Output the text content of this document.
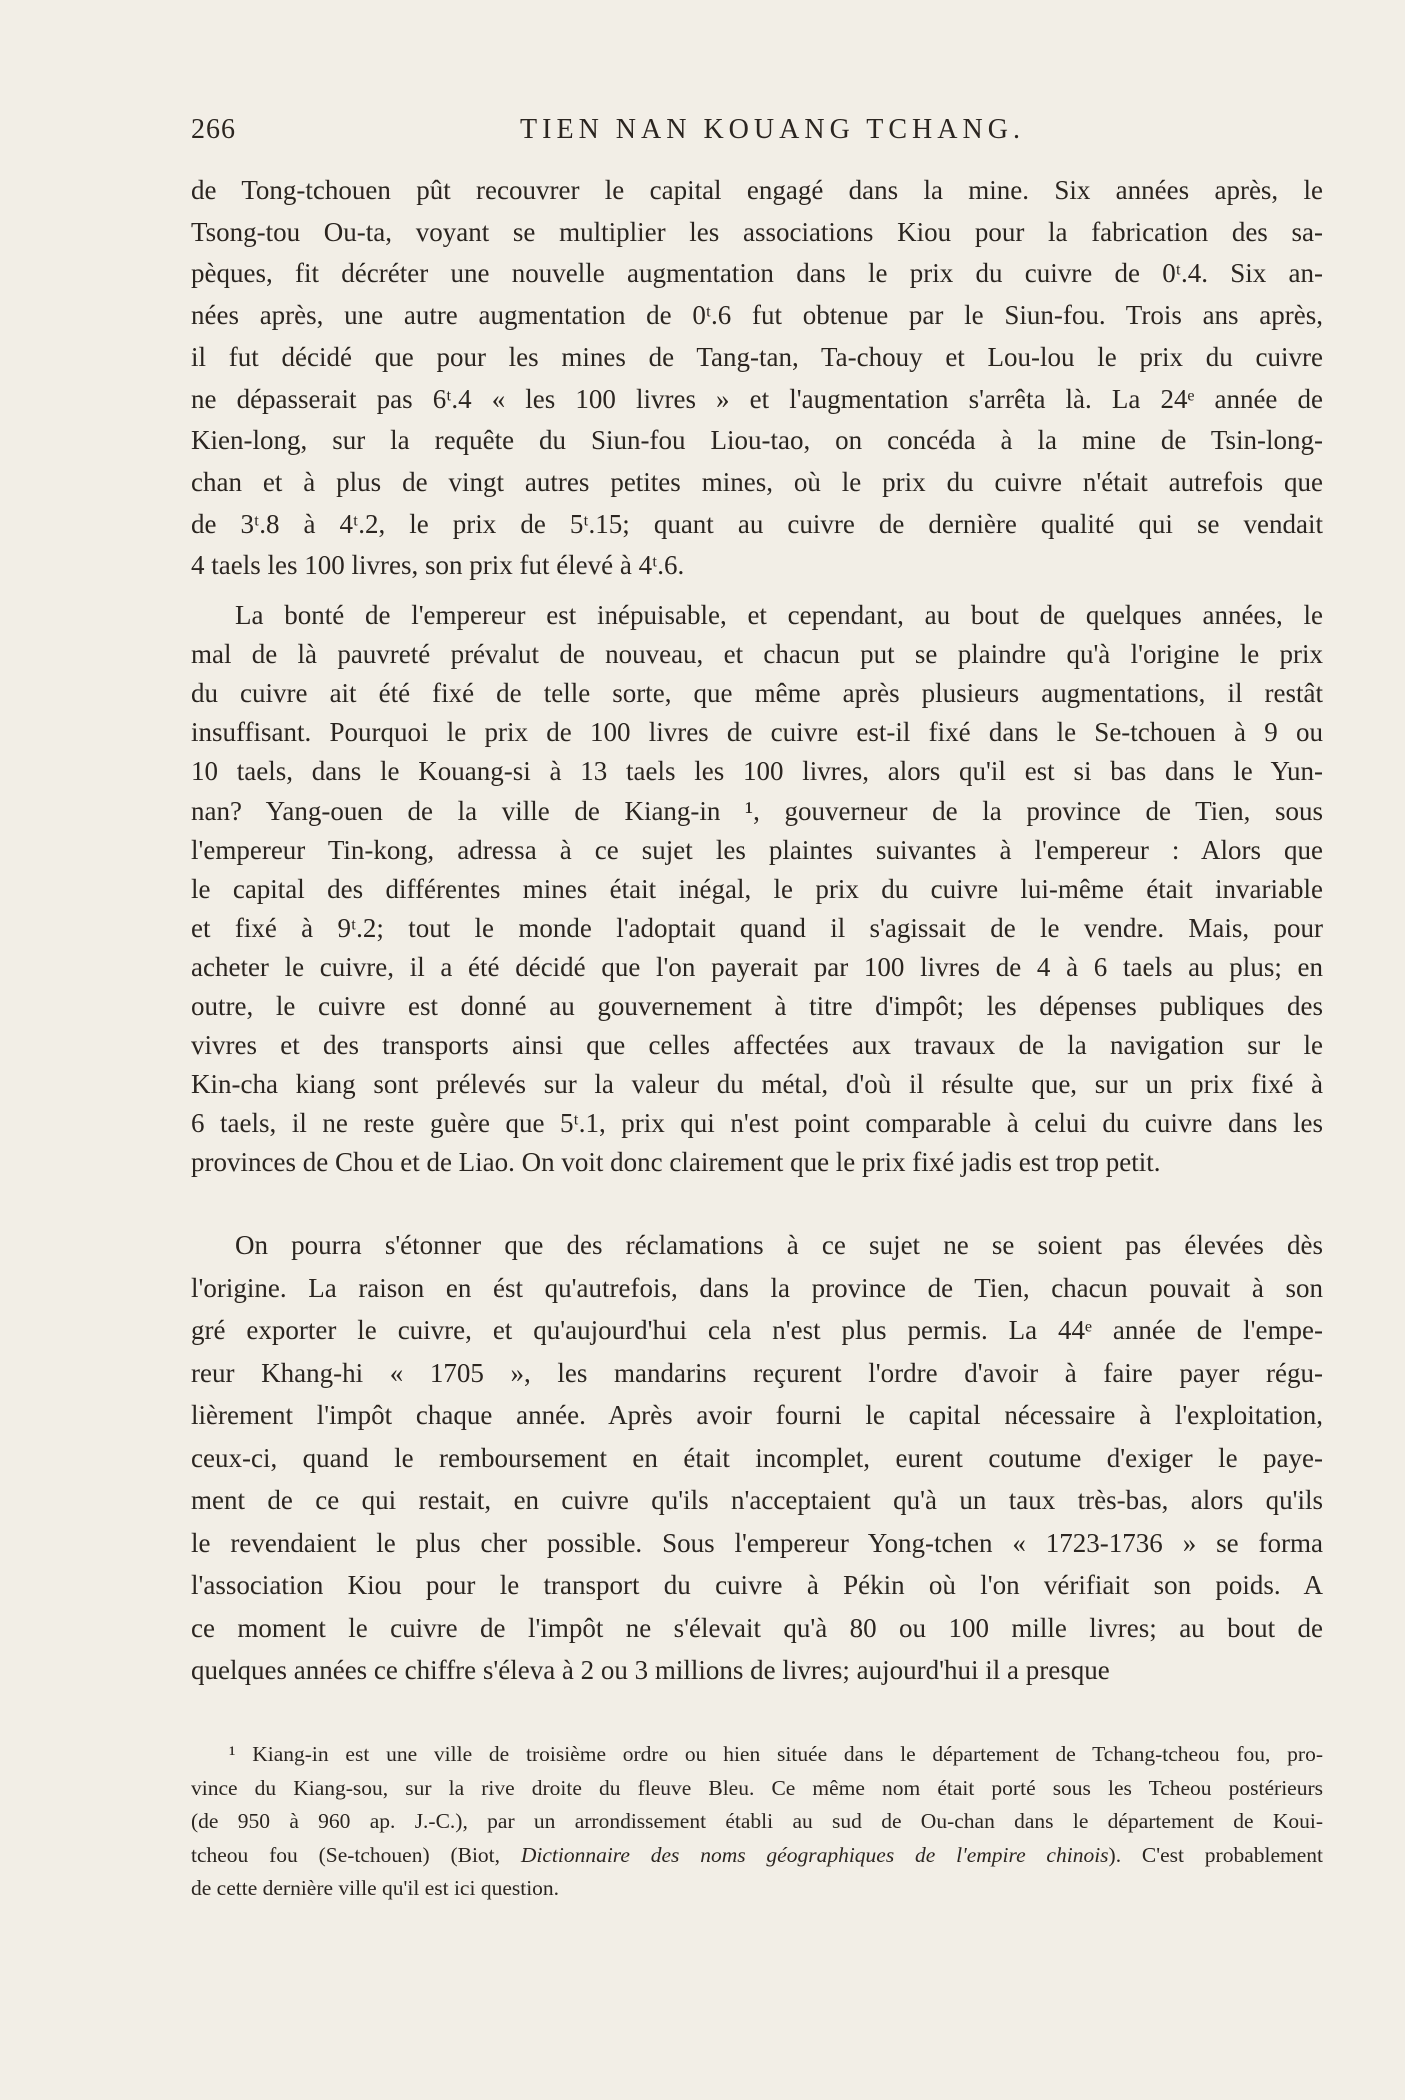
266	TIEN NAN KOUANG TCHANG.
de Tong-tchouen pût recouvrer le capital engagé dans la mine. Six années après, le
Tsong-tou Ou-ta, voyant se multiplier les associations Kiou pour la fabrication des sa-
pèques, fit décréter une nouvelle augmentation dans le prix du cuivre de 0ᵗ.4. Six an-
nées après, une autre augmentation de 0ᵗ.6 fut obtenue par le Siun-fou. Trois ans après,
il fut décidé que pour les mines de Tang-tan, Ta-chouy et Lou-lou le prix du cuivre
ne dépasserait pas 6ᵗ.4 « les 100 livres » et l'augmentation s'arrêta là. La 24ᵉ année de
Kien-long, sur la requête du Siun-fou Liou-tao, on concéda à la mine de Tsin-long-
chan et à plus de vingt autres petites mines, où le prix du cuivre n'était autrefois que
de 3ᵗ.8 à 4ᵗ.2, le prix de 5ᵗ.15; quant au cuivre de dernière qualité qui se vendait
4 taels les 100 livres, son prix fut élevé à 4ᵗ.6.
La bonté de l'empereur est inépuisable, et cependant, au bout de quelques années, le
mal de là pauvreté prévalut de nouveau, et chacun put se plaindre qu'à l'origine le prix
du cuivre ait été fixé de telle sorte, que même après plusieurs augmentations, il restât
insuffisant. Pourquoi le prix de 100 livres de cuivre est-il fixé dans le Se-tchouen à 9 ou
10 taels, dans le Kouang-si à 13 taels les 100 livres, alors qu'il est si bas dans le Yun-
nan? Yang-ouen de la ville de Kiang-in ¹, gouverneur de la province de Tien, sous
l'empereur Tin-kong, adressa à ce sujet les plaintes suivantes à l'empereur : Alors que
le capital des différentes mines était inégal, le prix du cuivre lui-même était invariable
et fixé à 9ᵗ.2; tout le monde l'adoptait quand il s'agissait de le vendre. Mais, pour
acheter le cuivre, il a été décidé que l'on payerait par 100 livres de 4 à 6 taels au plus; en
outre, le cuivre est donné au gouvernement à titre d'impôt; les dépenses publiques des
vivres et des transports ainsi que celles affectées aux travaux de la navigation sur le
Kin-cha kiang sont prélevés sur la valeur du métal, d'où il résulte que, sur un prix fixé à
6 taels, il ne reste guère que 5ᵗ.1, prix qui n'est point comparable à celui du cuivre dans les
provinces de Chou et de Liao. On voit donc clairement que le prix fixé jadis est trop petit.
On pourra s'étonner que des réclamations à ce sujet ne se soient pas élevées dès
l'origine. La raison en ést qu'autrefois, dans la province de Tien, chacun pouvait à son
gré exporter le cuivre, et qu'aujourd'hui cela n'est plus permis. La 44ᵉ année de l'empe-
reur Khang-hi « 1705 », les mandarins reçurent l'ordre d'avoir à faire payer régu-
lièrement l'impôt chaque année. Après avoir fourni le capital nécessaire à l'exploitation,
ceux-ci, quand le remboursement en était incomplet, eurent coutume d'exiger le paye-
ment de ce qui restait, en cuivre qu'ils n'acceptaient qu'à un taux très-bas, alors qu'ils
le revendaient le plus cher possible. Sous l'empereur Yong-tchen « 1723-1736 » se forma
l'association Kiou pour le transport du cuivre à Pékin où l'on vérifiait son poids. A
ce moment le cuivre de l'impôt ne s'élevait qu'à 80 ou 100 mille livres; au bout de
quelques années ce chiffre s'éleva à 2 ou 3 millions de livres; aujourd'hui il a presque
¹ Kiang-in est une ville de troisième ordre ou hien située dans le département de Tchang-tcheou fou, pro-
vince du Kiang-sou, sur la rive droite du fleuve Bleu. Ce même nom était porté sous les Tcheou postérieurs
(de 950 à 960 ap. J.-C.), par un arrondissement établi au sud de Ou-chan dans le département de Koui-
tcheou fou (Se-tchouen) (Biot, Dictionnaire des noms géographiques de l'empire chinois). C'est probablement
de cette dernière ville qu'il est ici question.
